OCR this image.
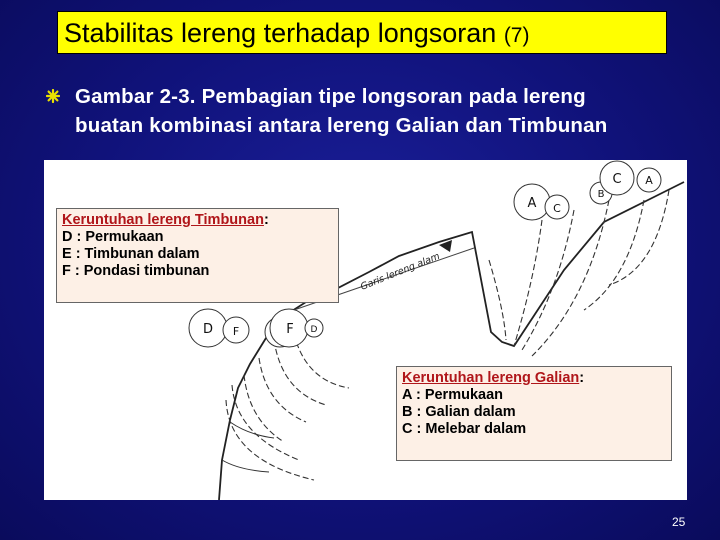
Stabilitas lereng terhadap longsoran (7)
Gambar 2-3. Pembagian tipe longsoran pada lereng
buatan kombinasi antara lereng Galian dan Timbunan
Garis lereng alam
A C
B
C A
D F	F D
Keruntuhan lereng Timbunan:
D : Permukaan
E : Timbunan dalam
F : Pondasi timbunan
Keruntuhan lereng Galian:
A : Permukaan
B : Galian dalam
C : Melebar dalam
25
